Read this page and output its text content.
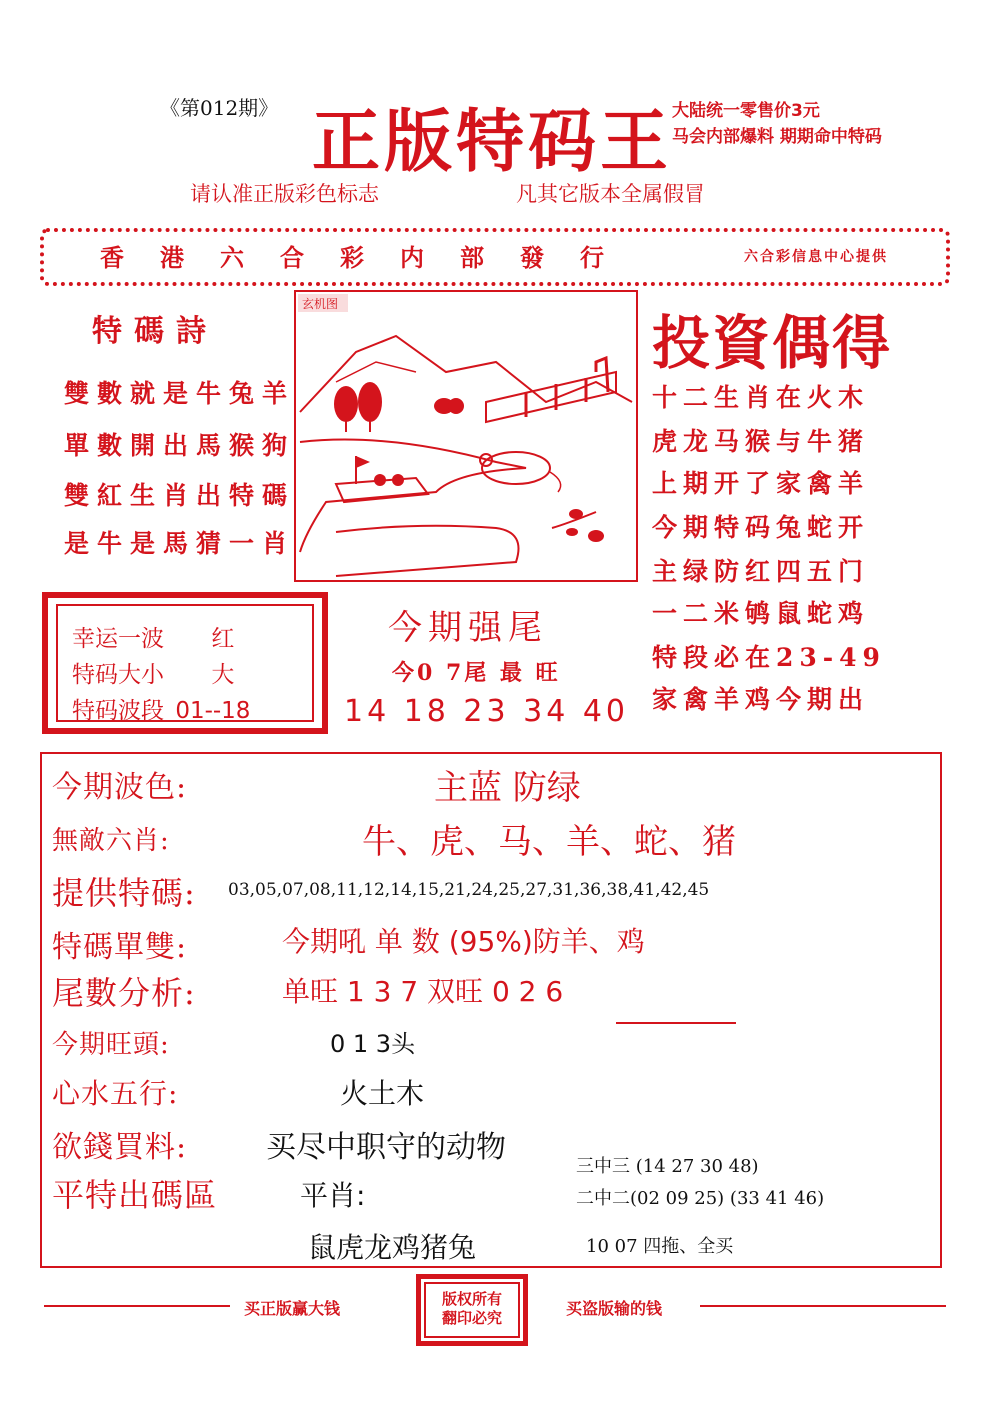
《第012期》 正版特码王 大陆统一零售价3元
马会内部爆料 期期命中特码
请认准正版彩色标志	凡其它版本全属假冒
香港六合彩内部發行	六合彩信息中心提供
特碼詩
雙數就是牛兔羊
單數開出馬猴狗
雙紅生肖出特碼
是牛是馬猜一肖
玄机图
投資偶得
十二生肖在火木
虎龙马猴与牛猪
上期开了家禽羊
今期特码兔蛇开
主绿防红四五门
一二米鸲鼠蛇鸡
特段必在23-49
家禽羊鸡今期出
幸运一波 红
特码大小 大
特码波段 01--18
今期强尾
今0 7尾 最 旺
14 18 23 34 40
今期波色:	主蓝 防绿
無敵六肖:	牛、虎、马、羊、蛇、猪
提供特碼: 03,05,07,08,11,12,14,15,21,24,25,27,31,36,38,41,42,45
特碼單雙:	今期吼 单 数 (95%)防羊、鸡
尾數分析:	单旺 1 3 7 双旺 0 2 6
今期旺頭:	0 1 3头
心水五行:	火土木
欲錢買料:	买尽中职守的动物
平特出碼區	平肖:
鼠虎龙鸡猪兔
三中三 (14 27 30 48)
二中二(02 09 25) (33 41 46)
10 07 四拖、全买
买正版赢大钱	版权所有
翻印必究	买盗版输的钱
